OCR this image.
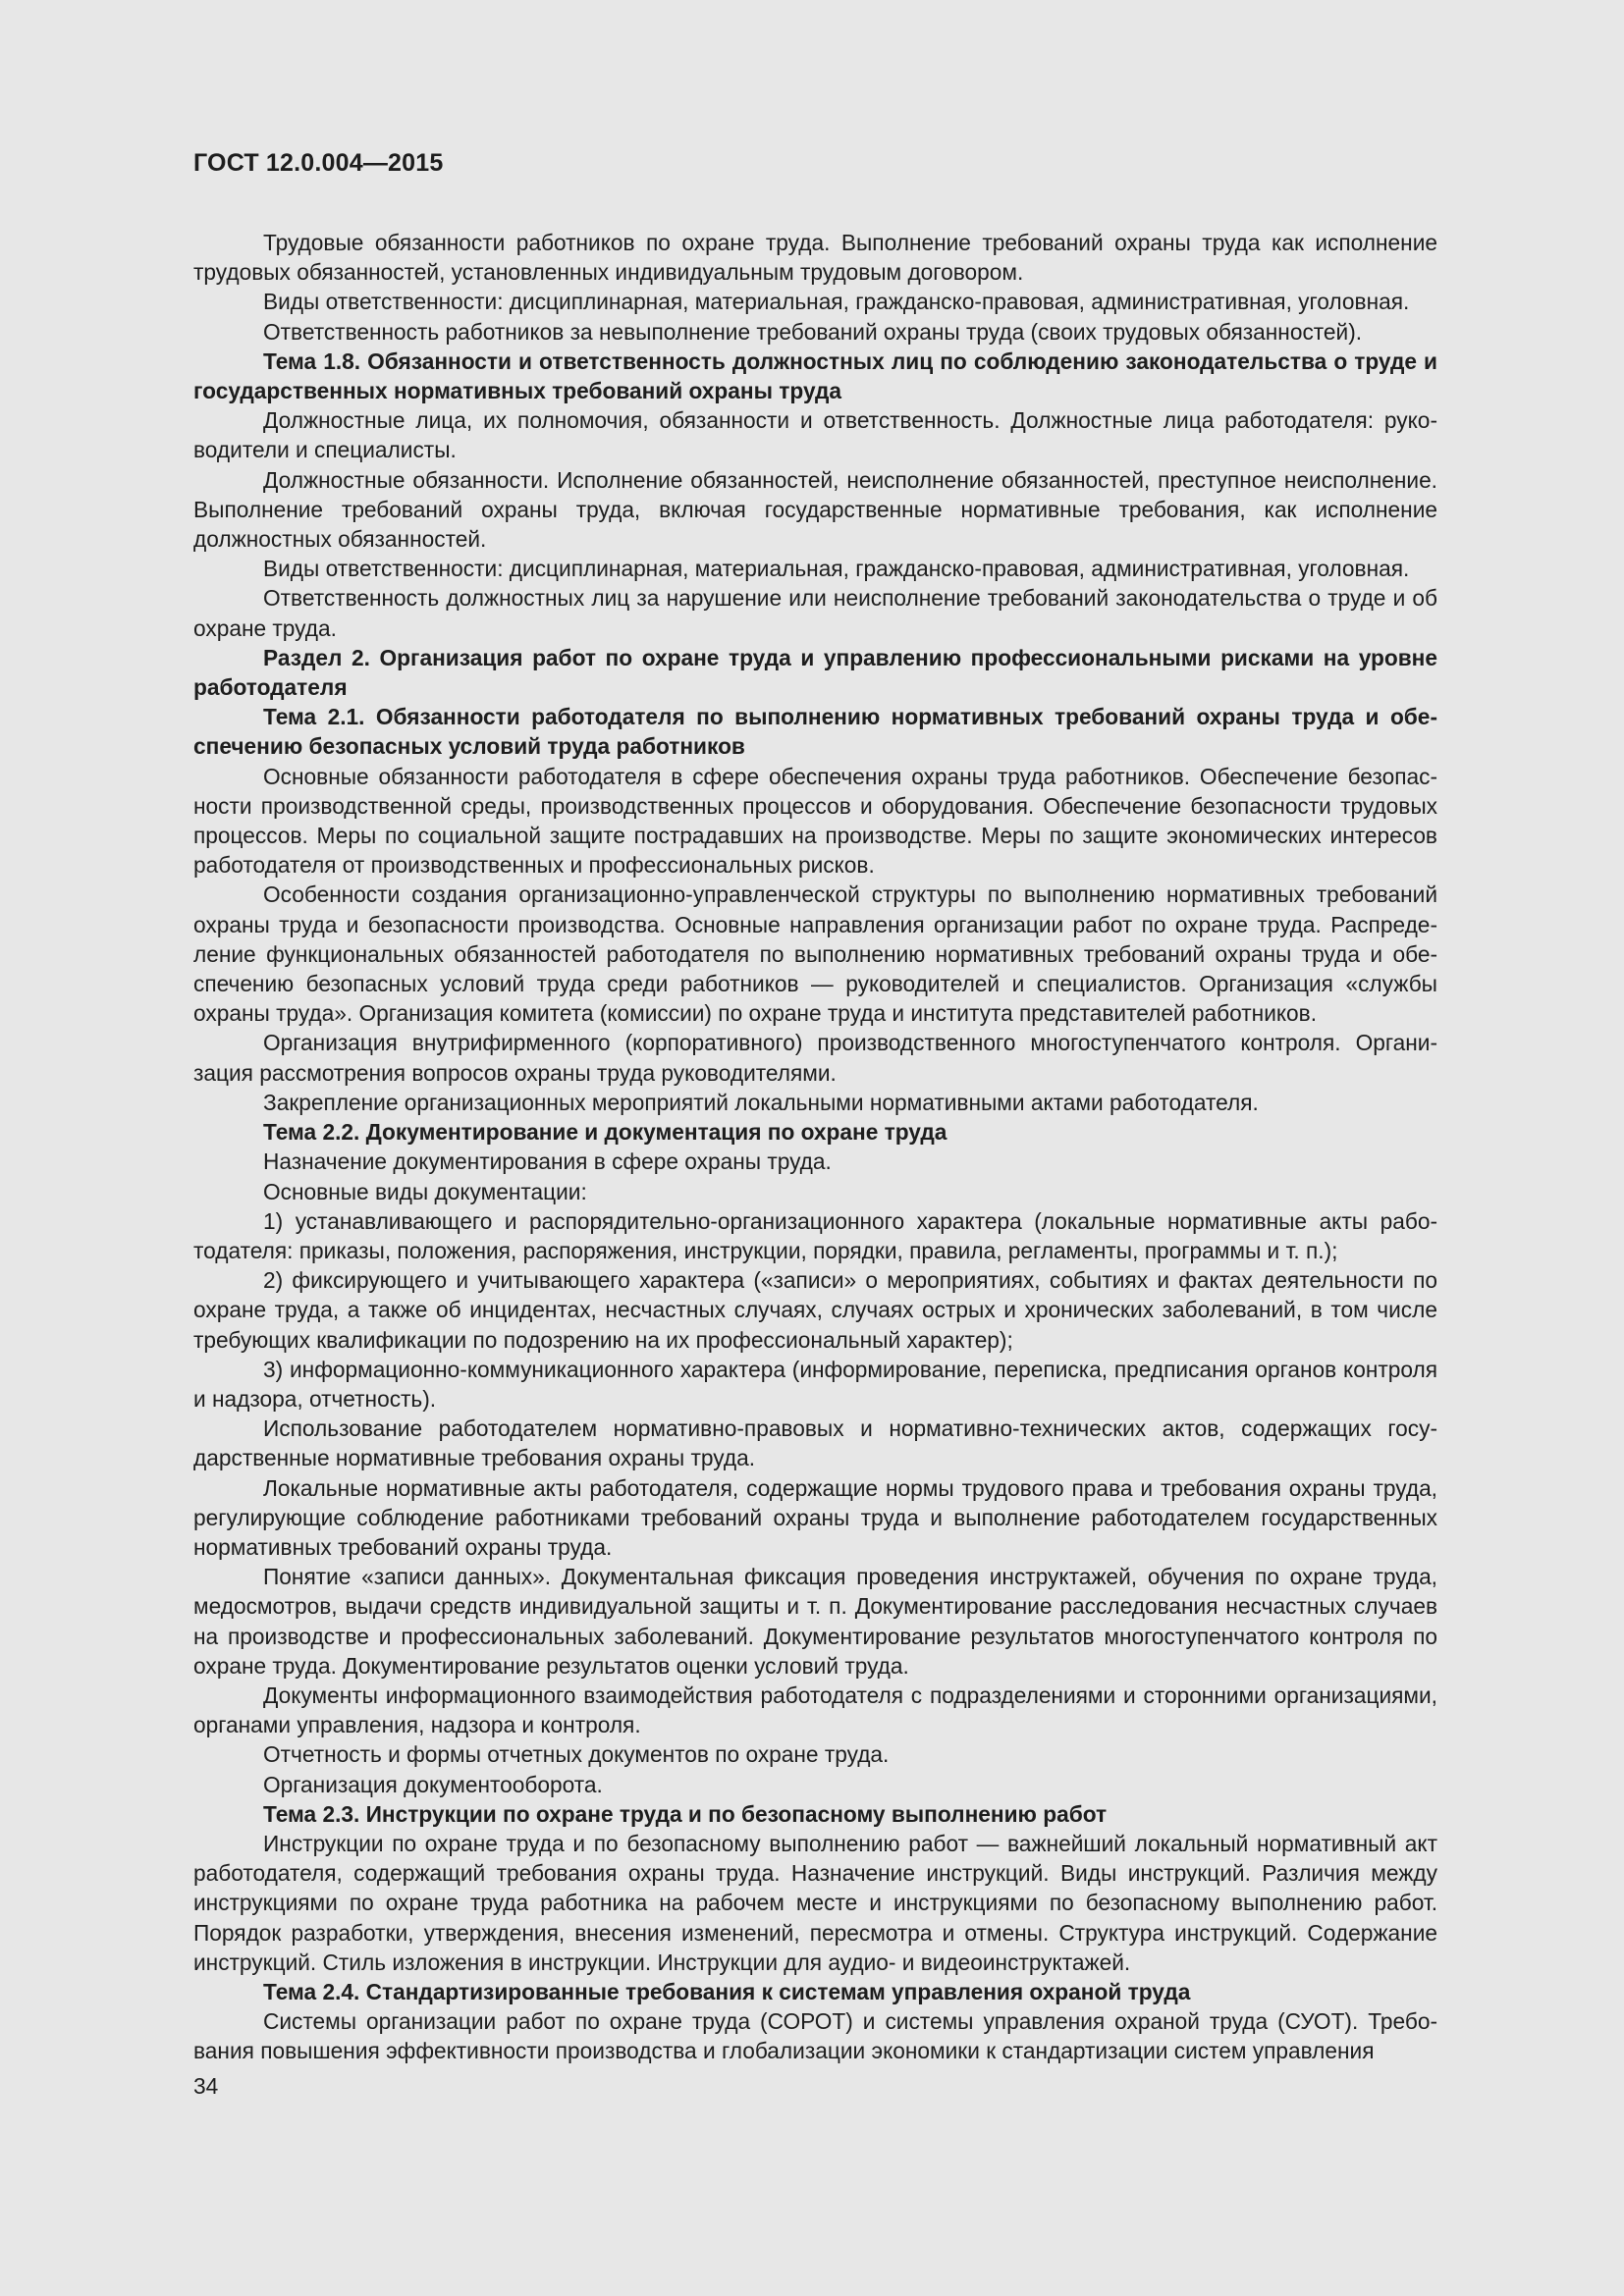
ГОСТ 12.0.004—2015

Трудовые обязанности работников по охране труда. Выполнение требований охраны труда как исполнение трудовых обязанностей, установленных индивидуальным трудовым договором.

Виды ответственности: дисциплинарная, материальная, гражданско-правовая, административная, уголовная.

Ответственность работников за невыполнение требований охраны труда (своих трудовых обязанностей).

Тема 1.8. Обязанности и ответственность должностных лиц по соблюдению законодательства о труде и государственных нормативных требований охраны труда

Должностные лица, их полномочия, обязанности и ответственность. Должностные лица работодателя: руководители и специалисты.

Должностные обязанности. Исполнение обязанностей, неисполнение обязанностей, преступное неисполнение. Выполнение требований охраны труда, включая государственные нормативные требования, как исполнение должностных обязанностей.

Виды ответственности: дисциплинарная, материальная, гражданско-правовая, административная, уголовная.

Ответственность должностных лиц за нарушение или неисполнение требований законодательства о труде и об охране труда.

Раздел 2. Организация работ по охране труда и управлению профессиональными рисками на уровне работодателя

Тема 2.1. Обязанности работодателя по выполнению нормативных требований охраны труда и обеспечению безопасных условий труда работников

Основные обязанности работодателя в сфере обеспечения охраны труда работников. Обеспечение безопасности производственной среды, производственных процессов и оборудования. Обеспечение безопасности трудовых процессов. Меры по социальной защите пострадавших на производстве. Меры по защите экономических интересов работодателя от производственных и профессиональных рисков.

Особенности создания организационно-управленческой структуры по выполнению нормативных требований охраны труда и безопасности производства. Основные направления организации работ по охране труда. Распределение функциональных обязанностей работодателя по выполнению нормативных требований охраны труда и обеспечению безопасных условий труда среди работников — руководителей и специалистов. Организация «службы охраны труда». Организация комитета (комиссии) по охране труда и института представителей работников.

Организация внутрифирменного (корпоративного) производственного многоступенчатого контроля. Организация рассмотрения вопросов охраны труда руководителями.

Закрепление организационных мероприятий локальными нормативными актами работодателя.

Тема 2.2. Документирование и документация по охране труда

Назначение документирования в сфере охраны труда.

Основные виды документации:

1) устанавливающего и распорядительно-организационного характера (локальные нормативные акты работодателя: приказы, положения, распоряжения, инструкции, порядки, правила, регламенты, программы и т. п.);

2) фиксирующего и учитывающего характера («записи» о мероприятиях, событиях и фактах деятельности по охране труда, а также об инцидентах, несчастных случаях, случаях острых и хронических заболеваний, в том числе требующих квалификации по подозрению на их профессиональный характер);

3) информационно-коммуникационного характера (информирование, переписка, предписания органов контроля и надзора, отчетность).

Использование работодателем нормативно-правовых и нормативно-технических актов, содержащих государственные нормативные требования охраны труда.

Локальные нормативные акты работодателя, содержащие нормы трудового права и требования охраны труда, регулирующие соблюдение работниками требований охраны труда и выполнение работодателем государственных нормативных требований охраны труда.

Понятие «записи данных». Документальная фиксация проведения инструктажей, обучения по охране труда, медосмотров, выдачи средств индивидуальной защиты и т. п. Документирование расследования несчастных случаев на производстве и профессиональных заболеваний. Документирование результатов многоступенчатого контроля по охране труда. Документирование результатов оценки условий труда.

Документы информационного взаимодействия работодателя с подразделениями и сторонними организациями, органами управления, надзора и контроля.

Отчетность и формы отчетных документов по охране труда.

Организация документооборота.

Тема 2.3. Инструкции по охране труда и по безопасному выполнению работ

Инструкции по охране труда и по безопасному выполнению работ — важнейший локальный нормативный акт работодателя, содержащий требования охраны труда. Назначение инструкций. Виды инструкций. Различия между инструкциями по охране труда работника на рабочем месте и инструкциями по безопасному выполнению работ. Порядок разработки, утверждения, внесения изменений, пересмотра и отмены. Структура инструкций. Содержание инструкций. Стиль изложения в инструкции. Инструкции для аудио- и видеоинструктажей.

Тема 2.4. Стандартизированные требования к системам управления охраной труда

Системы организации работ по охране труда (СОРОТ) и системы управления охраной труда (СУОТ). Требования повышения эффективности производства и глобализации экономики к стандартизации систем управления

34
